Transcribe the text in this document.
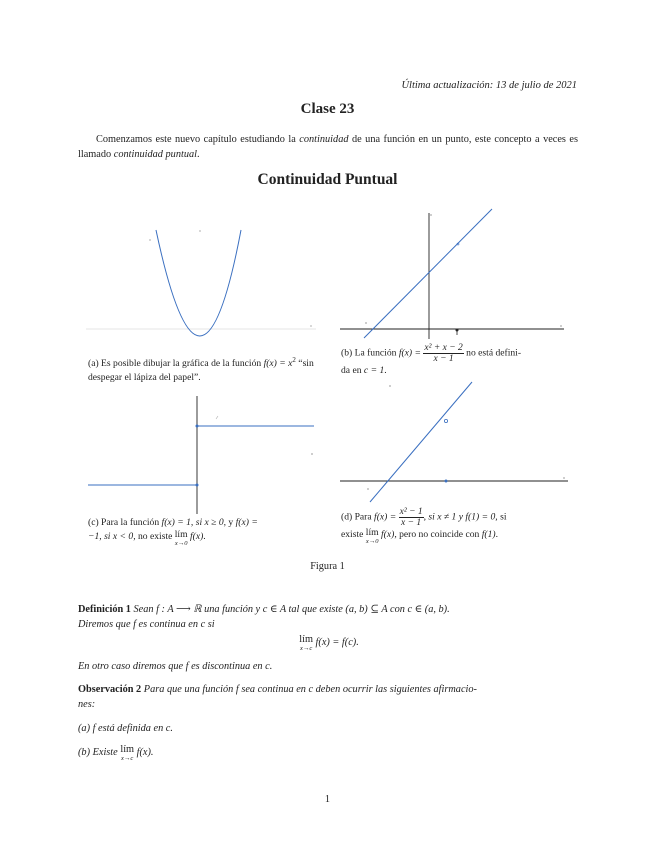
Última actualización: 13 de julio de 2021
Clase 23
Comenzamos este nuevo capítulo estudiando la continuidad de una función en un punto, este concepto a veces es llamado continuidad puntual.
Continuidad Puntual
(a) Es posible dibujar la gráfica de la función $f(x) = x^2$ “sin despegar el lápiza del papel”.
(b) La función $f(x) = \frac{\text{x² + x − 2}}{x - 1}$ no está defini-
da en c = 1.
(c) Para la función f(x) = 1, si x ≥ 0, y f(x) =
−1, si x < 0, no existe lím
x→0
f(x).
(d) Para $f(x) = \frac{\text{x² − 1}}{x - 1}$ , si x ≠ 1 y f(1) = 0, si
existe lím
x→0
f(x), pero no coincide con f(1).
Figura 1
Definición 1 Sean f : A ⟶ ℝ una función y c ∈ A tal que existe (a, b) ⊆ A con c ∈ (a, b).
Diremos que f es continua en c si
lím
x→c
f(x) = f(c).
En otro caso diremos que f es discontinua en c.
Observación 2 Para que una función f sea continua en c deben ocurrir las siguientes afirmacio-
nes:
(a) f está definida en c.
(b) Existe lím
x→c
f(x).
1
